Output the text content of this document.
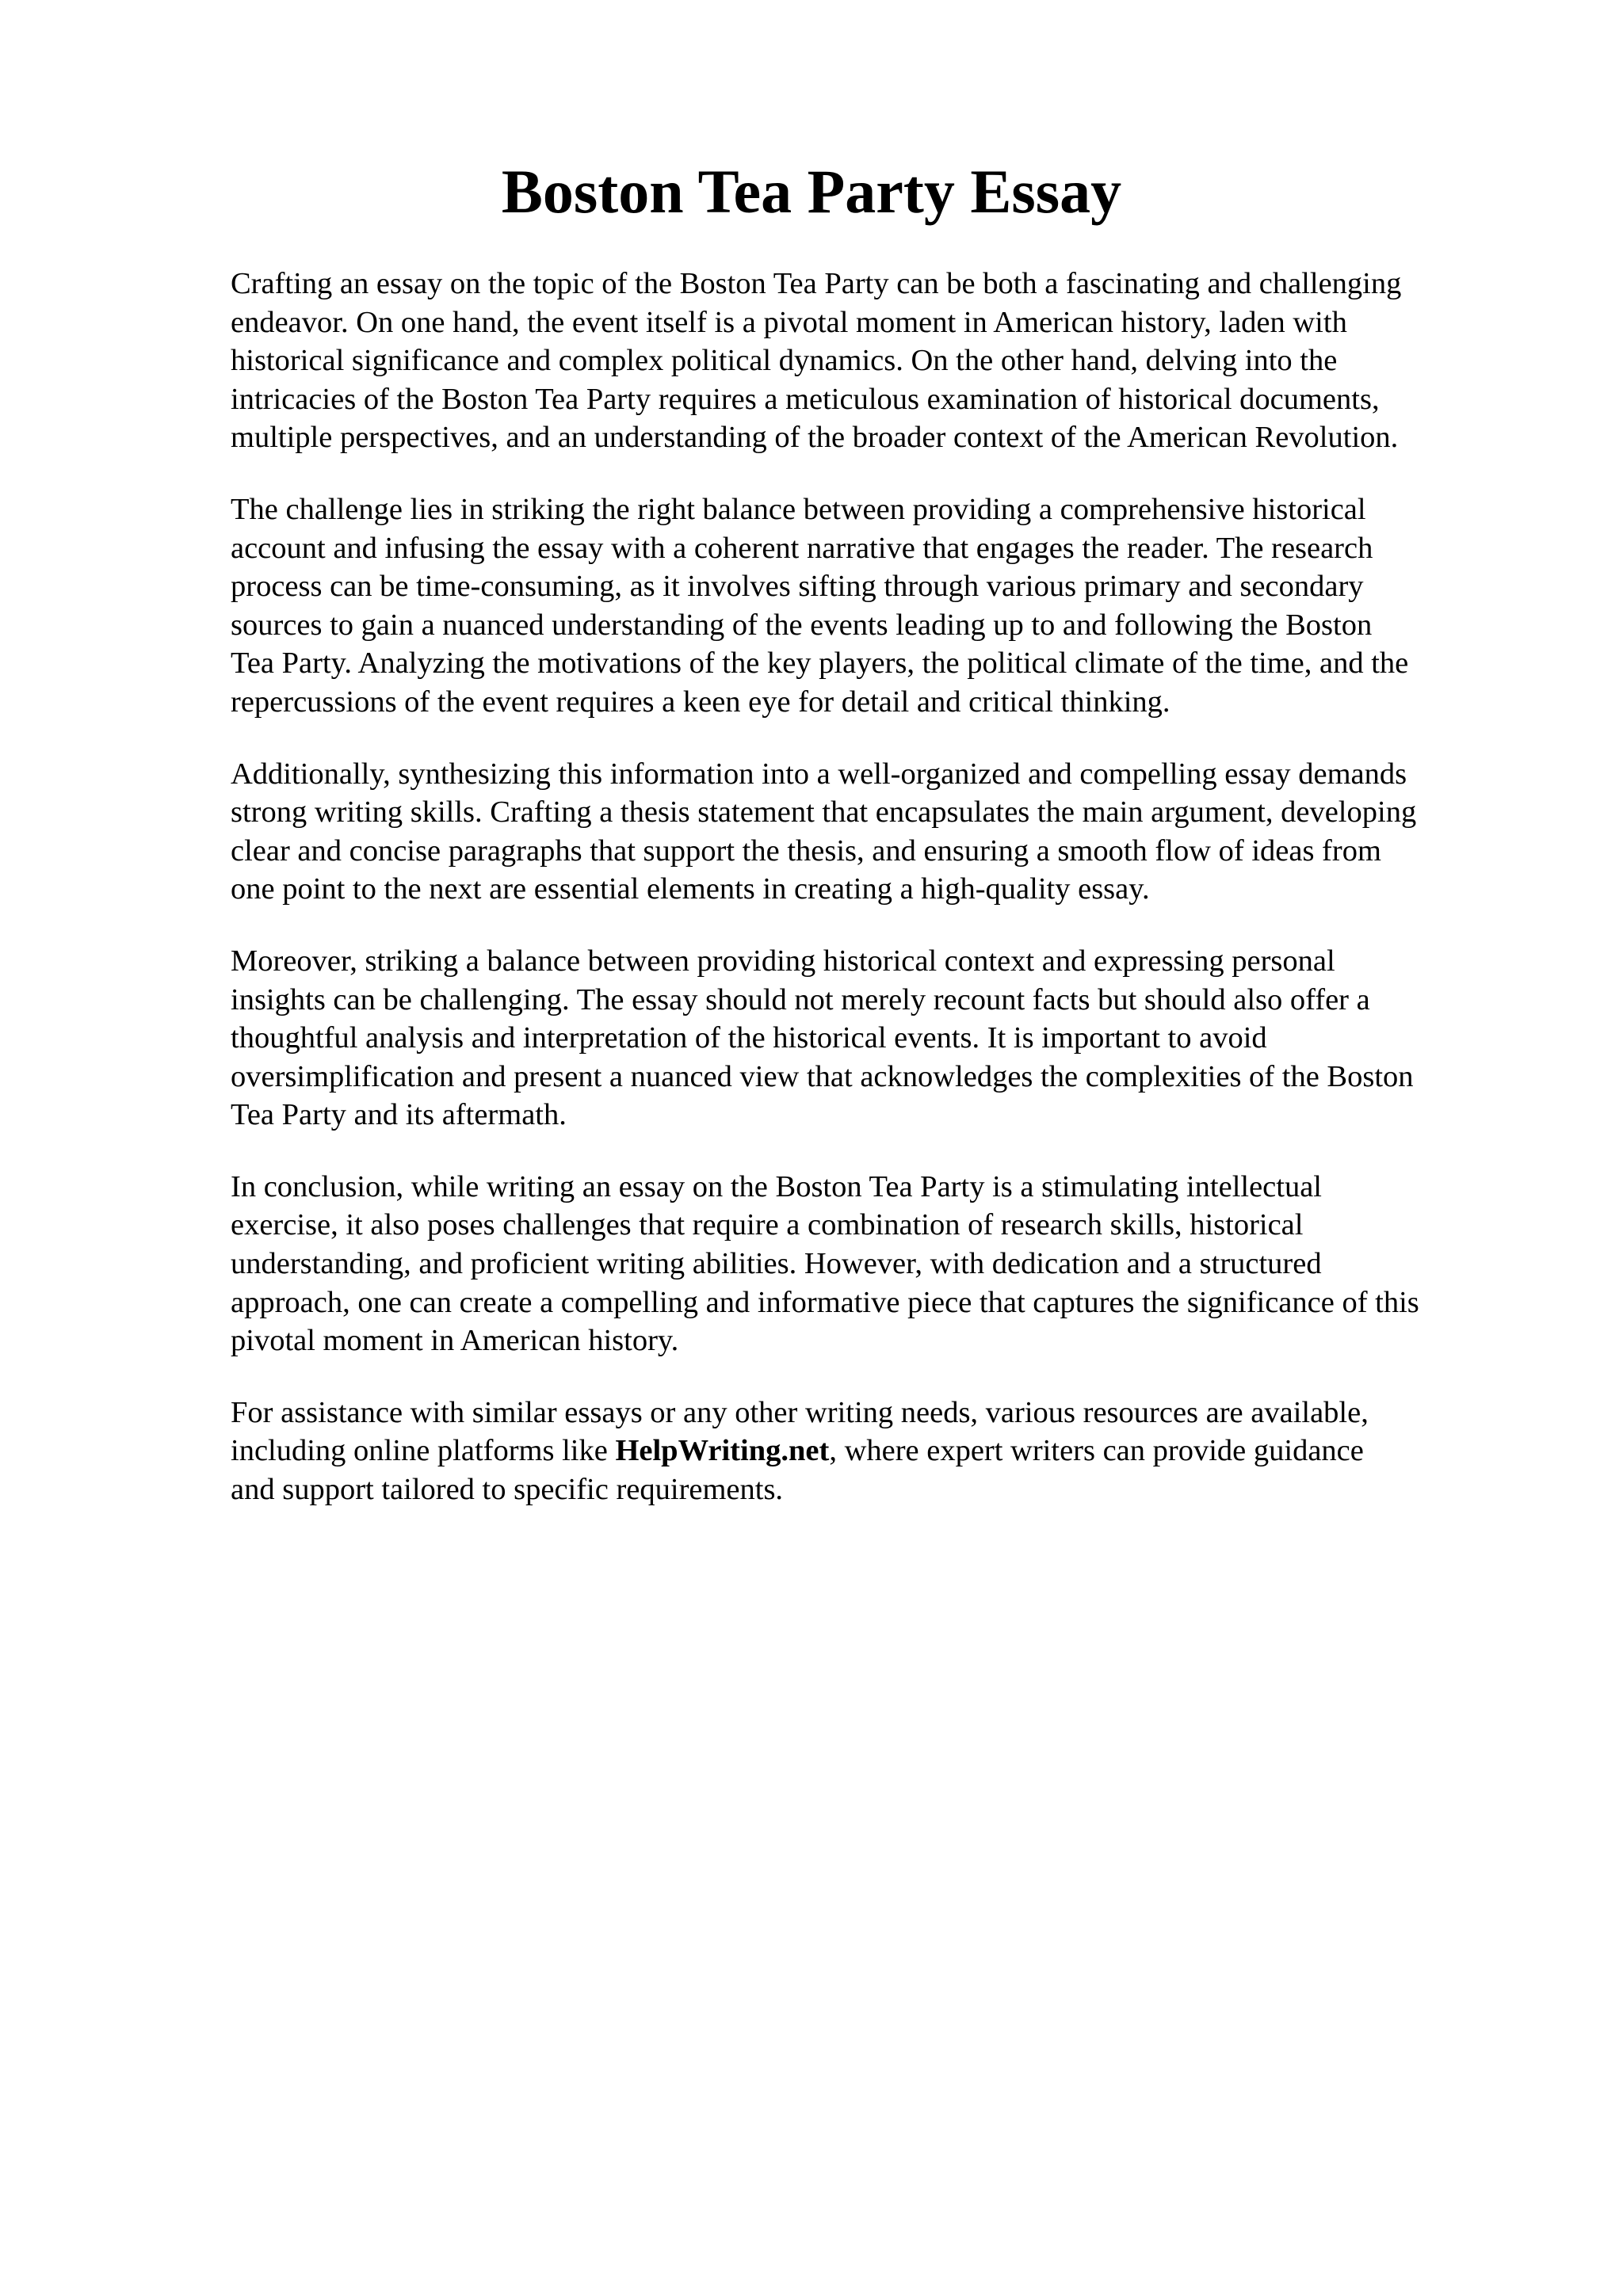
Boston Tea Party Essay

Crafting an essay on the topic of the Boston Tea Party can be both a fascinating and challenging
endeavor. On one hand, the event itself is a pivotal moment in American history, laden with
historical significance and complex political dynamics. On the other hand, delving into the
intricacies of the Boston Tea Party requires a meticulous examination of historical documents,
multiple perspectives, and an understanding of the broader context of the American Revolution.

The challenge lies in striking the right balance between providing a comprehensive historical
account and infusing the essay with a coherent narrative that engages the reader. The research
process can be time-consuming, as it involves sifting through various primary and secondary
sources to gain a nuanced understanding of the events leading up to and following the Boston
Tea Party. Analyzing the motivations of the key players, the political climate of the time, and the
repercussions of the event requires a keen eye for detail and critical thinking.

Additionally, synthesizing this information into a well-organized and compelling essay demands
strong writing skills. Crafting a thesis statement that encapsulates the main argument, developing
clear and concise paragraphs that support the thesis, and ensuring a smooth flow of ideas from
one point to the next are essential elements in creating a high-quality essay.

Moreover, striking a balance between providing historical context and expressing personal
insights can be challenging. The essay should not merely recount facts but should also offer a
thoughtful analysis and interpretation of the historical events. It is important to avoid
oversimplification and present a nuanced view that acknowledges the complexities of the Boston
Tea Party and its aftermath.

In conclusion, while writing an essay on the Boston Tea Party is a stimulating intellectual
exercise, it also poses challenges that require a combination of research skills, historical
understanding, and proficient writing abilities. However, with dedication and a structured
approach, one can create a compelling and informative piece that captures the significance of this
pivotal moment in American history.

For assistance with similar essays or any other writing needs, various resources are available,
including online platforms like HelpWriting.net, where expert writers can provide guidance
and support tailored to specific requirements.
